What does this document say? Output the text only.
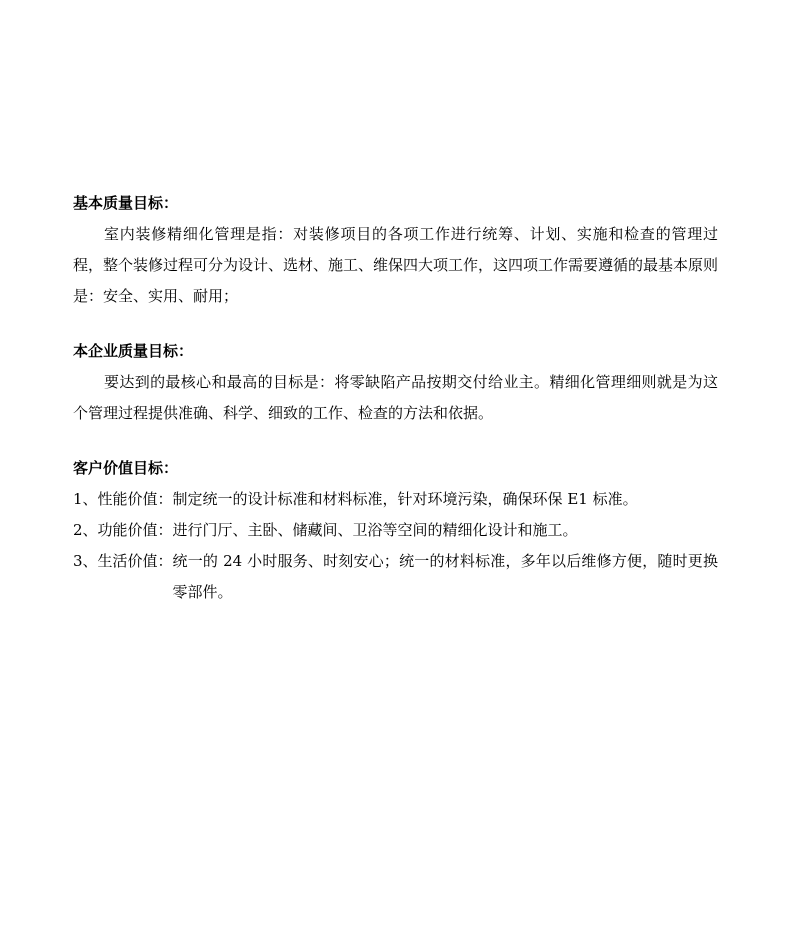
基本质量目标：

室内装修精细化管理是指：对装修项目的各项工作进行统筹、计划、实施和检查的管理过程，整个装修过程可分为设计、选材、施工、维保四大项工作，这四项工作需要遵循的最基本原则是：安全、实用、耐用；

本企业质量目标：

要达到的最核心和最高的目标是：将零缺陷产品按期交付给业主。精细化管理细则就是为这个管理过程提供准确、科学、细致的工作、检查的方法和依据。

客户价值目标：

1、性能价值： 制定统一的设计标准和材料标准，针对环境污染，确保环保 E1 标准。
2、功能价值： 进行门厅、主卧、储藏间、卫浴等空间的精细化设计和施工。
3、生活价值： 统一的 24 小时服务、时刻安心；统一的材料标准，多年以后维修方便，随时更换零部件。
